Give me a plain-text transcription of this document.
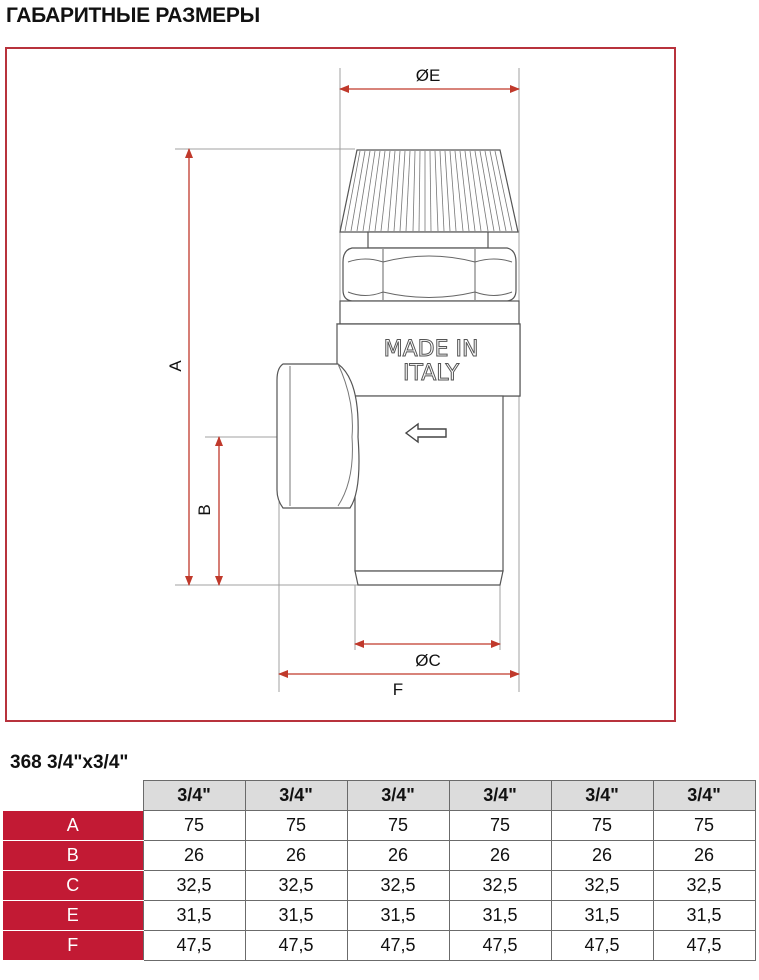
ГАБАРИТНЫЕ РАЗМЕРЫ
ØE
ØC
F
A
B
MADE IN
ITALY
368 3/4"x3/4"
	3/4"	3/4"	3/4"	3/4"	3/4"	3/4"
A	75	75	75	75	75	75
B	26	26	26	26	26	26
C	32,5	32,5	32,5	32,5	32,5	32,5
E	31,5	31,5	31,5	31,5	31,5	31,5
F	47,5	47,5	47,5	47,5	47,5	47,5
